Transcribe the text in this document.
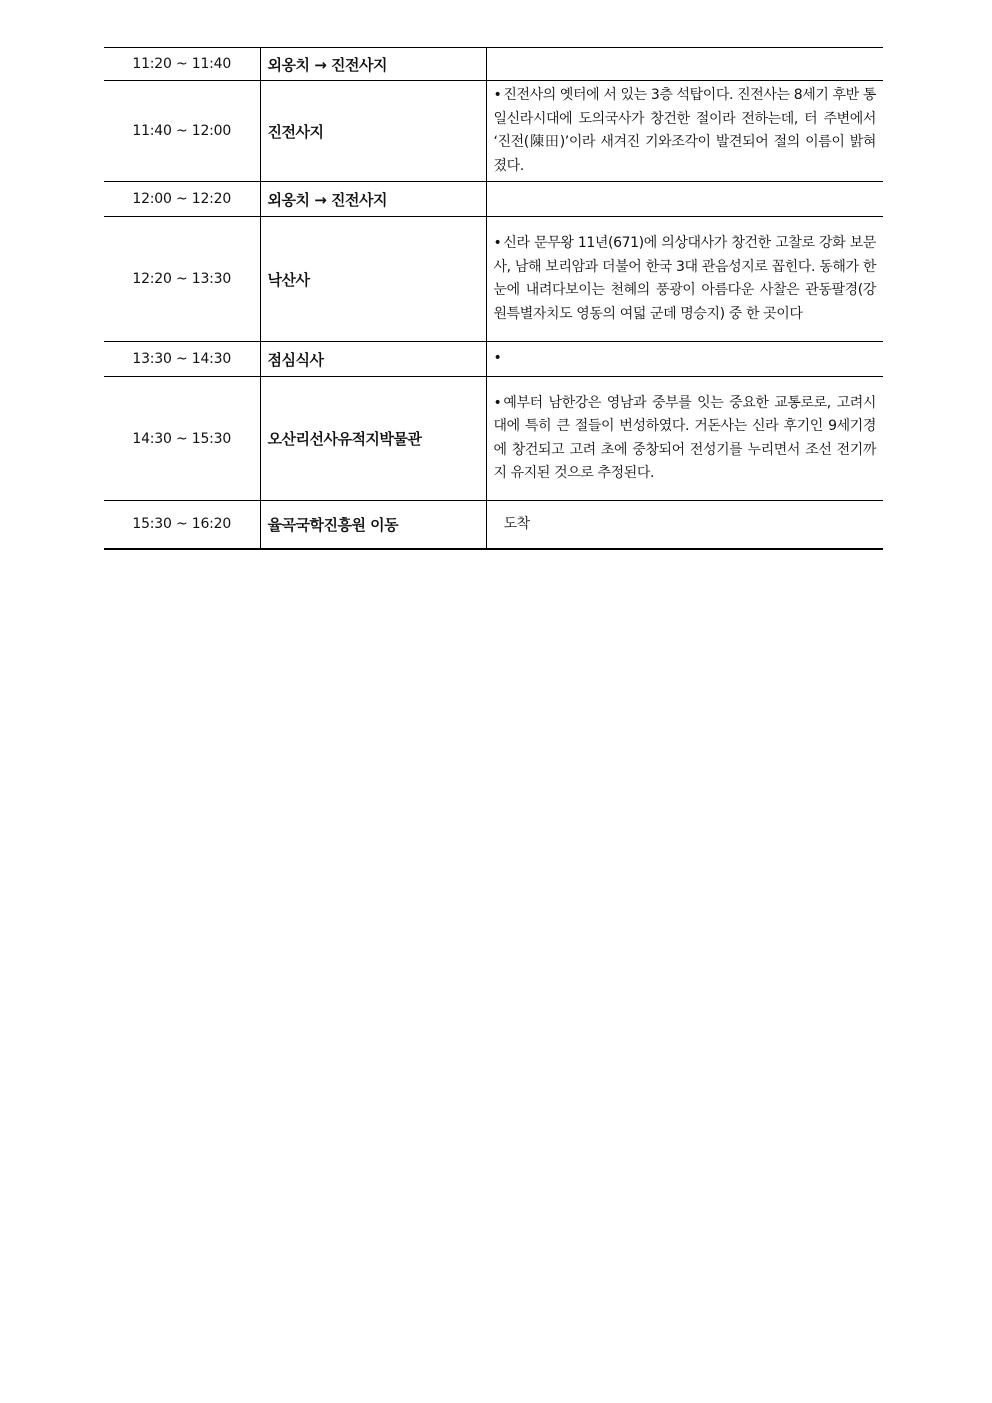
11:20 ~ 11:40	외옹치 → 진전사지	
11:40 ~ 12:00	진전사지	• 진전사의 옛터에 서 있는 3층 석탑이다. 진전사는 8세기 후반 통일신라시대에 도의국사가 창건한 절이라 전하는데, 터 주변에서 ‘진전(陳田)’이라 새겨진 기와조각이 발견되어 절의 이름이 밝혀졌다.
12:00 ~ 12:20	외옹치 → 진전사지	
12:20 ~ 13:30	낙산사	• 신라 문무왕 11년(671)에 의상대사가 창건한 고찰로 강화 보문사, 남해 보리암과 더불어 한국 3대 관음성지로 꼽힌다. 동해가 한눈에 내려다보이는 천혜의 풍광이 아름다운 사찰은 관동팔경(강원특별자치도 영동의 여덟 군데 명승지) 중 한 곳이다
13:30 ~ 14:30	점심식사	•
14:30 ~ 15:30	오산리선사유적지박물관	• 예부터 남한강은 영남과 중부를 잇는 중요한 교통로로, 고려시대에 특히 큰 절들이 번성하였다. 거돈사는 신라 후기인 9세기경에 창건되고 고려 초에 중창되어 전성기를 누리면서 조선 전기까지 유지된 것으로 추정된다.
15:30 ~ 16:20	율곡국학진흥원 이동	도착
